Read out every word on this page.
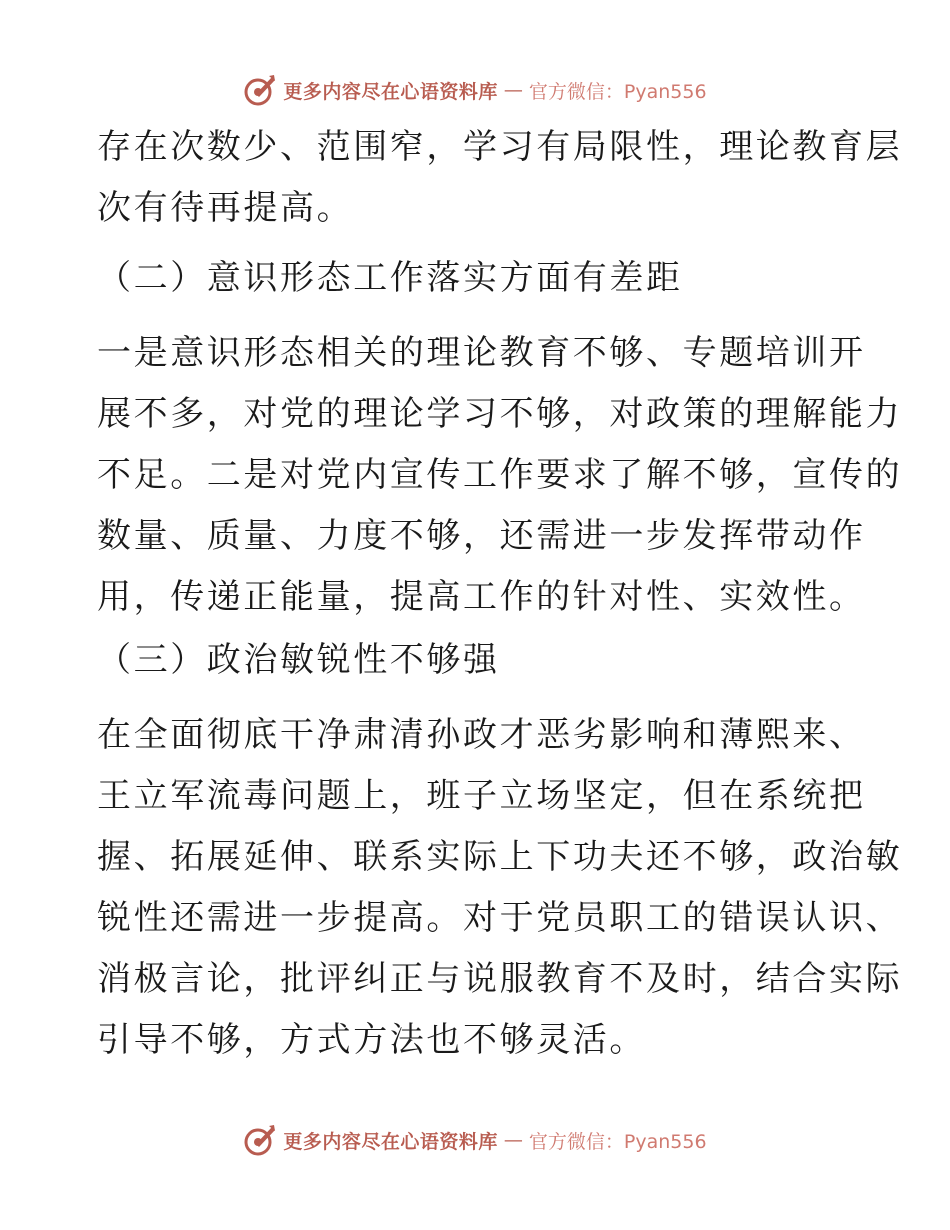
更多内容尽在心语资料库 — 官方微信：Pyan556
存在次数少、范围窄，学习有局限性，理论教育层
次有待再提高。
（二）意识形态工作落实方面有差距
一是意识形态相关的理论教育不够、专题培训开
展不多，对党的理论学习不够，对政策的理解能力
不足。二是对党内宣传工作要求了解不够，宣传的
数量、质量、力度不够，还需进一步发挥带动作
用，传递正能量，提高工作的针对性、实效性。
（三）政治敏锐性不够强
在全面彻底干净肃清孙政才恶劣影响和薄熙来、
王立军流毒问题上，班子立场坚定，但在系统把
握、拓展延伸、联系实际上下功夫还不够，政治敏
锐性还需进一步提高。对于党员职工的错误认识、
消极言论，批评纠正与说服教育不及时，结合实际
引导不够，方式方法也不够灵活。
更多内容尽在心语资料库 — 官方微信：Pyan556
